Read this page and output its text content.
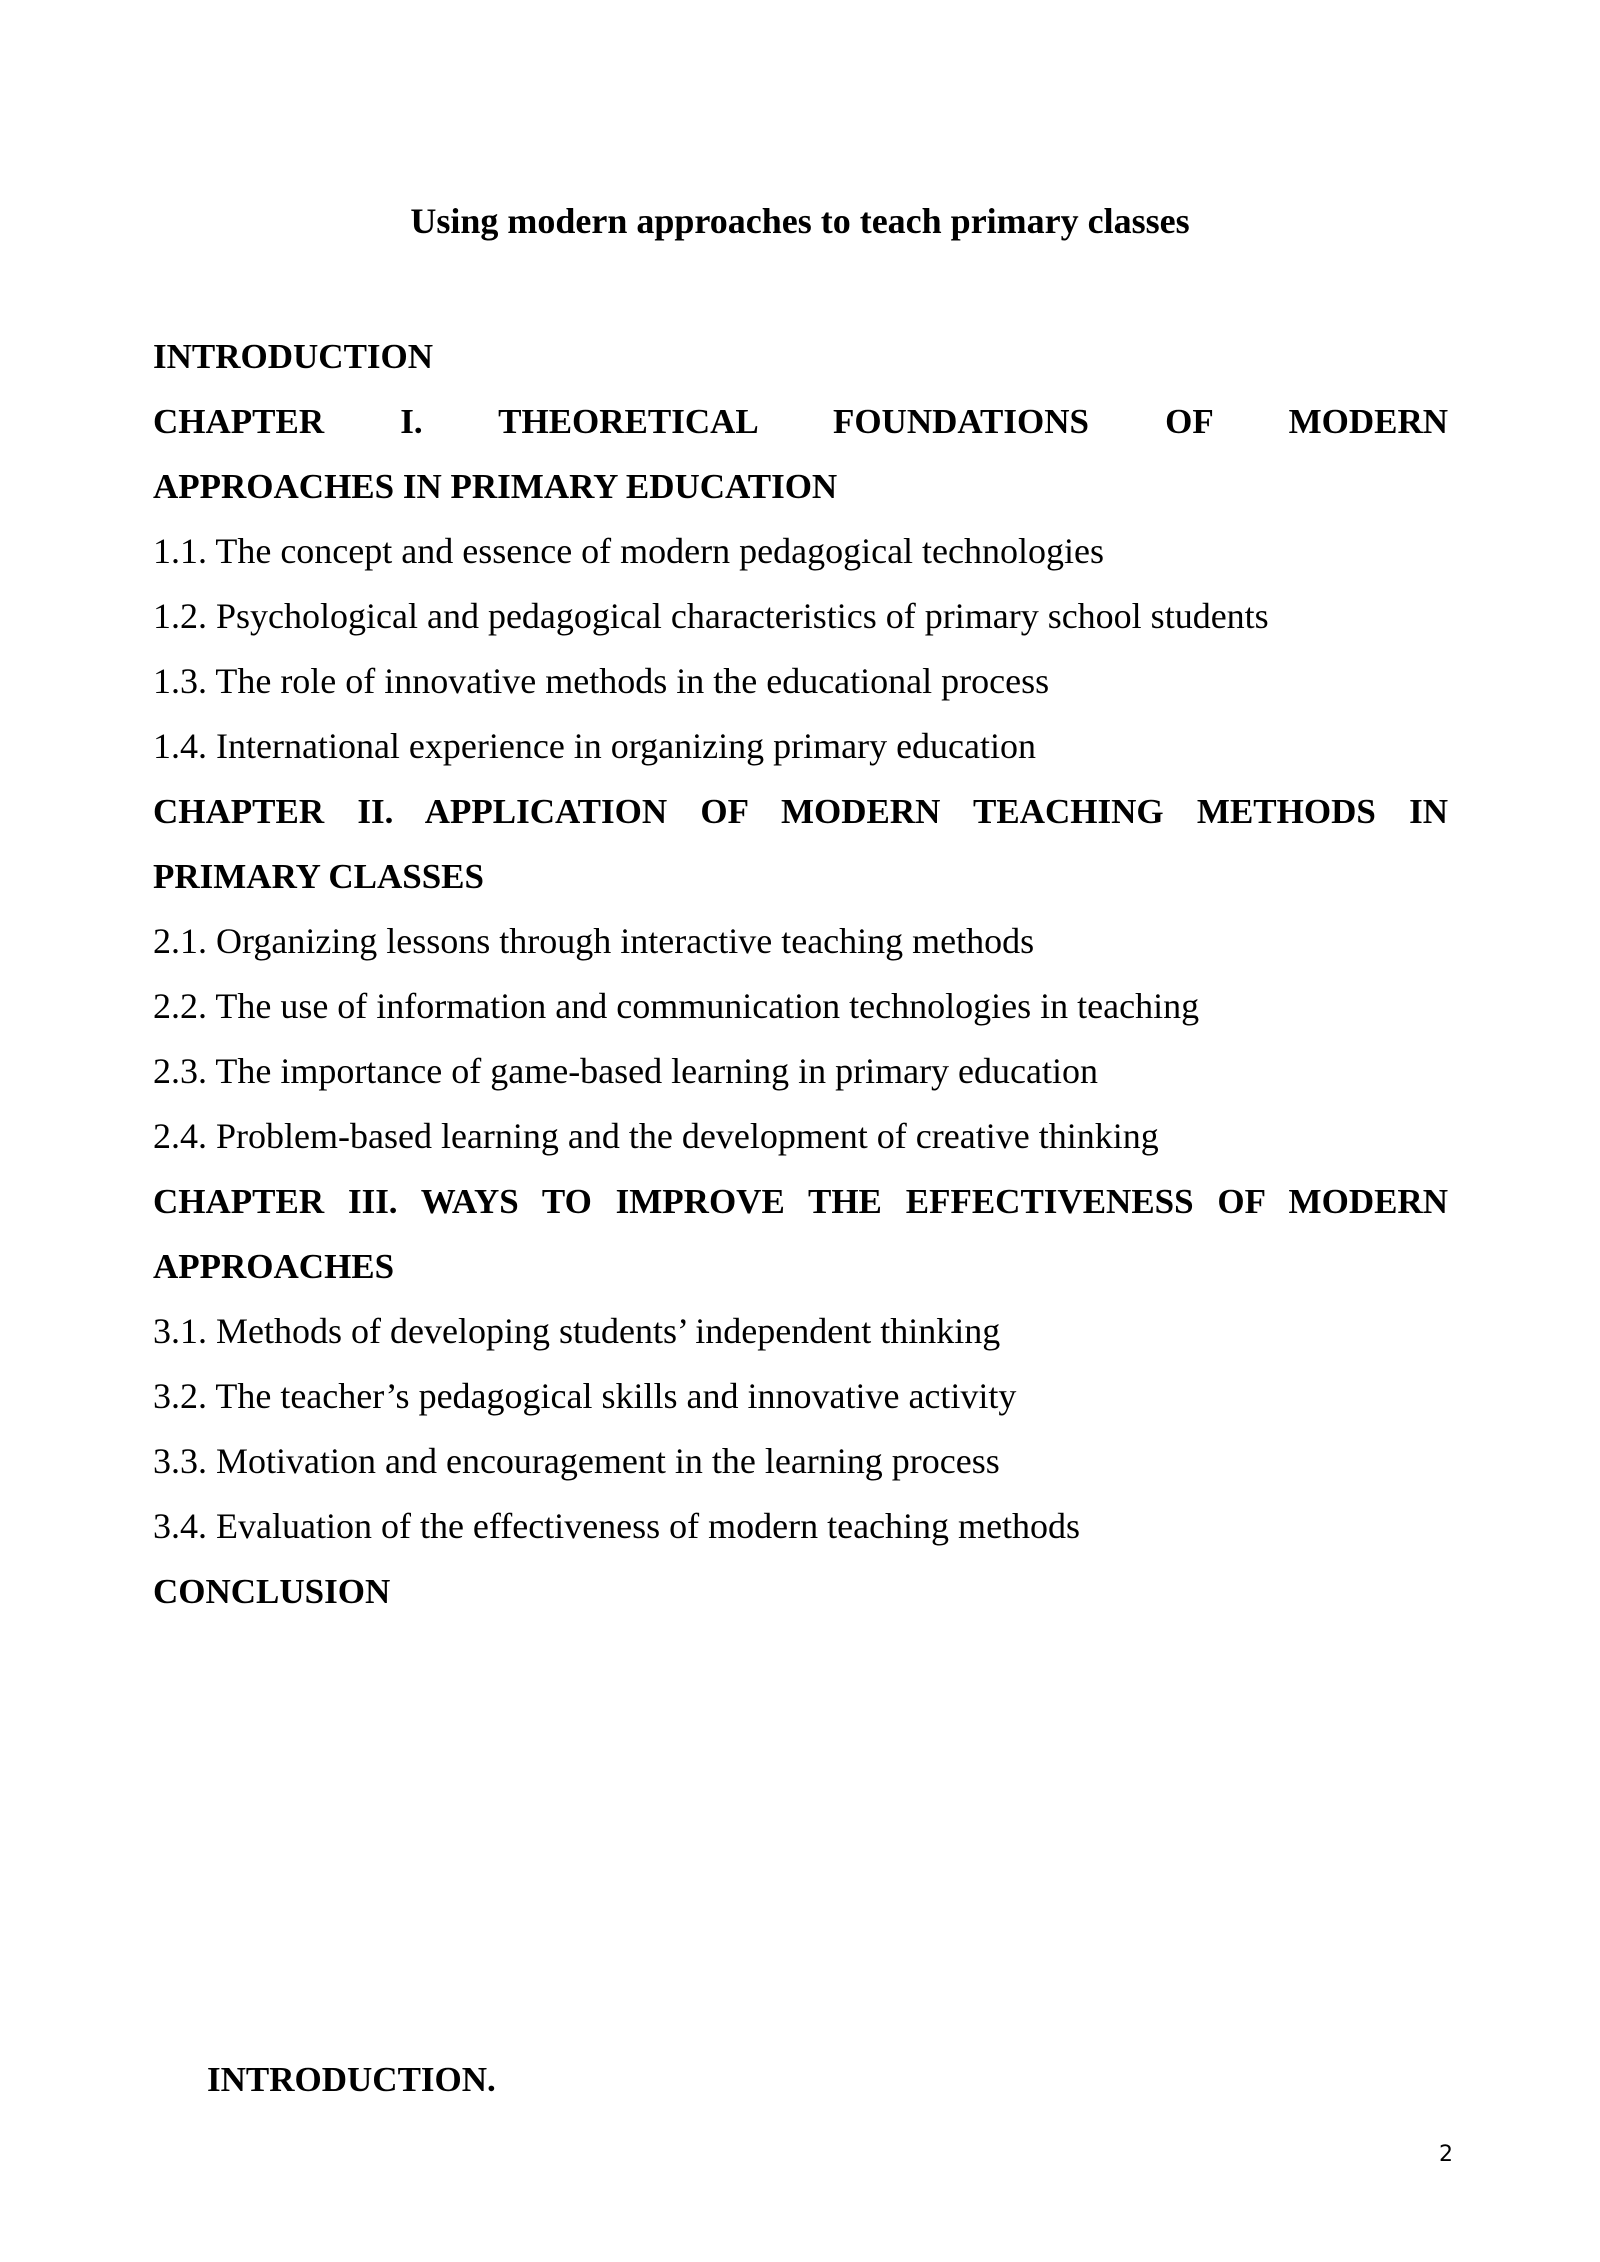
Using modern approaches to teach primary classes
INTRODUCTION
CHAPTER I. THEORETICAL FOUNDATIONS OF MODERN
APPROACHES IN PRIMARY EDUCATION
1.1. The concept and essence of modern pedagogical technologies
1.2. Psychological and pedagogical characteristics of primary school students
1.3. The role of innovative methods in the educational process
1.4. International experience in organizing primary education
CHAPTER II. APPLICATION OF MODERN TEACHING METHODS IN
PRIMARY CLASSES
2.1. Organizing lessons through interactive teaching methods
2.2. The use of information and communication technologies in teaching
2.3. The importance of game-based learning in primary education
2.4. Problem-based learning and the development of creative thinking
CHAPTER III. WAYS TO IMPROVE THE EFFECTIVENESS OF MODERN
APPROACHES
3.1. Methods of developing students’ independent thinking
3.2. The teacher’s pedagogical skills and innovative activity
3.3. Motivation and encouragement in the learning process
3.4. Evaluation of the effectiveness of modern teaching methods
CONCLUSION
INTRODUCTION.
2
